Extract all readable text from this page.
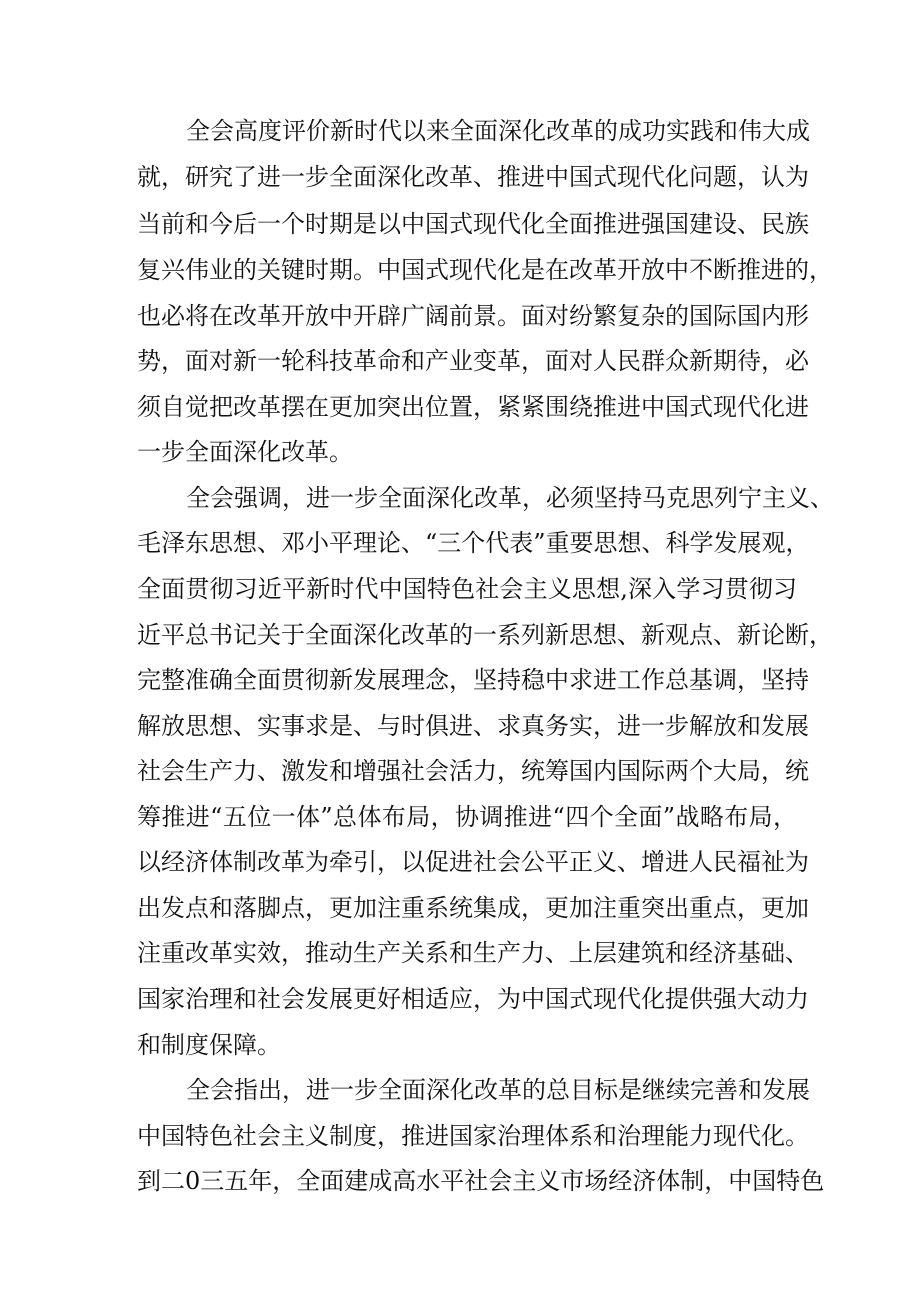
全会高度评价新时代以来全面深化改革的成功实践和伟大成
就，研究了进一步全面深化改革、推进中国式现代化问题，认为
当前和今后一个时期是以中国式现代化全面推进强国建设、民族
复兴伟业的关键时期。中国式现代化是在改革开放中不断推进的，
也必将在改革开放中开辟广阔前景。面对纷繁复杂的国际国内形
势，面对新一轮科技革命和产业变革，面对人民群众新期待，必
须自觉把改革摆在更加突出位置，紧紧围绕推进中国式现代化进
一步全面深化改革。
全会强调，进一步全面深化改革，必须坚持马克思列宁主义、
毛泽东思想、邓小平理论、“三个代表”重要思想、科学发展观，
全面贯彻习近平新时代中国特色社会主义思想,深入学习贯彻习
近平总书记关于全面深化改革的一系列新思想、新观点、新论断，
完整准确全面贯彻新发展理念，坚持稳中求进工作总基调，坚持
解放思想、实事求是、与时俱进、求真务实，进一步解放和发展
社会生产力、激发和增强社会活力，统筹国内国际两个大局，统
筹推进“五位一体”总体布局，协调推进“四个全面”战略布局，
以经济体制改革为牵引，以促进社会公平正义、增进人民福祉为
出发点和落脚点，更加注重系统集成，更加注重突出重点，更加
注重改革实效，推动生产关系和生产力、上层建筑和经济基础、
国家治理和社会发展更好相适应，为中国式现代化提供强大动力
和制度保障。
全会指出，进一步全面深化改革的总目标是继续完善和发展
中国特色社会主义制度，推进国家治理体系和治理能力现代化。
到二0三五年，全面建成高水平社会主义市场经济体制，中国特色
